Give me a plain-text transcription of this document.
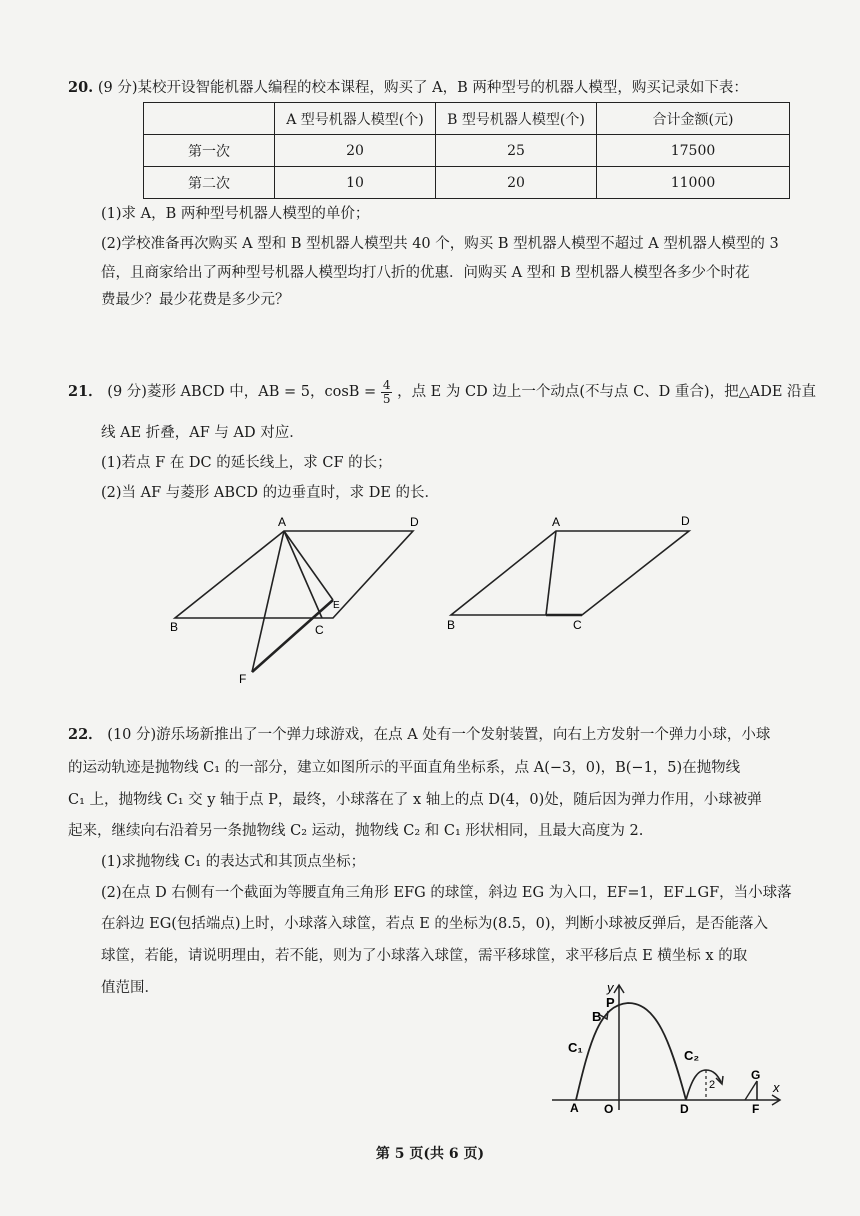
20. (9 分)某校开设智能机器人编程的校本课程，购买了 A，B 两种型号的机器人模型，购买记录如下表：
	A 型号机器人模型(个)	B 型号机器人模型(个)	合计金额(元)
第一次	20	25	17500
第二次	10	20	11000
(1)求 A，B 两种型号机器人模型的单价；
(2)学校准备再次购买 A 型和 B 型机器人模型共 40 个，购买 B 型机器人模型不超过 A 型机器人模型的 3
倍，且商家给出了两种型号机器人模型均打八折的优惠．问购买 A 型和 B 型机器人模型各多少个时花
费最少？最少花费是多少元？
21． (9 分)菱形 ABCD 中，AB = 5，$\cos B = \frac{4}{5}$ ，点 E 为 CD 边上一个动点(不与点 C、D 重合)，把△ADE 沿直
线 AE 折叠，AF 与 AD 对应．
(1)若点 F 在 DC 的延长线上，求 CF 的长；
(2)当 AF 与菱形 ABCD 的边垂直时，求 DE 的长．
A	D
B	C
E
F
A	D
B	C
22． (10 分)游乐场新推出了一个弹力球游戏，在点 A 处有一个发射装置，向右上方发射一个弹力小球，小球
的运动轨迹是抛物线 C₁ 的一部分，建立如图所示的平面直角坐标系，点 A(−3，0)，B(−1，5)在抛物线
C₁ 上，抛物线 C₁ 交 y 轴于点 P，最终，小球落在了 x 轴上的点 D(4，0)处，随后因为弹力作用，小球被弹
起来，继续向右沿着另一条抛物线 C₂ 运动，抛物线 C₂ 和 C₁ 形状相同，且最大高度为 2.
(1)求抛物线 C₁ 的表达式和其顶点坐标；
(2)在点 D 右侧有一个截面为等腰直角三角形 EFG 的球筐，斜边 EG 为入口，EF=1，EF⊥GF，当小球落
在斜边 EG(包括端点)上时，小球落入球筐，若点 E 的坐标为(8.5，0)，判断小球被反弹后，是否能落入
球筐，若能，请说明理由，若不能，则为了小球落入球筐，需平移球筐，求平移后点 E 横坐标 x 的取
值范围．	y
x
P
B
C₁
C₂
2
A O	D
G
F
第 5 页(共 6 页)
